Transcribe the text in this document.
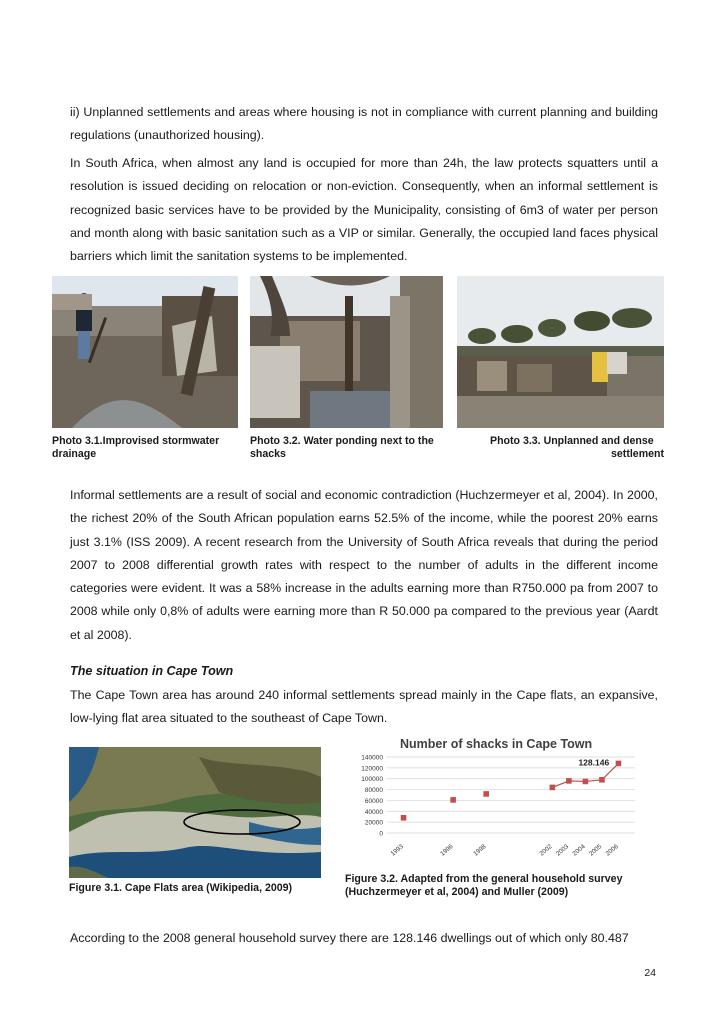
ii) Unplanned settlements and areas where housing is not in compliance with current planning and building regulations (unauthorized housing).

In South Africa, when almost any land is occupied for more than 24h, the law protects squatters until a resolution is issued deciding on relocation or non-eviction. Consequently, when an informal settlement is recognized basic services have to be provided by the Municipality, consisting of 6m3 of water per person and month along with basic sanitation such as a VIP or similar. Generally, the occupied land faces physical barriers which limit the sanitation systems to be implemented.

Photo 3.1.Improvised stormwater
drainage
Photo 3.2. Water ponding next to the
shacks
Photo 3.3. Unplanned and dense
settlement

Informal settlements are a result of social and economic contradiction (Huchzermeyer et al, 2004). In 2000, the richest 20% of the South African population earns 52.5% of the income, while the poorest 20% earns just 3.1% (ISS 2009). A recent research from the University of South Africa reveals that during the period 2007 to 2008 differential growth rates with respect to the number of adults in the different income categories were evident. It was a 58% increase in the adults earning more than R750.000 pa from 2007 to 2008 while only 0,8% of adults were earning more than R 50.000 pa compared to the previous year (Aardt et al 2008).

The situation in Cape Town

The Cape Town area has around 240 informal settlements spread mainly in the Cape flats, an expansive, low-lying flat area situated to the southeast of Cape Town.

Number of shacks in Cape Town
0
20000
40000
60000
80000
100000
120000
140000
1993	1996	1998	2002 2003 2004 2005 2006
128.146
Figure 3.1. Cape Flats area (Wikipedia, 2009)
Figure 3.2. Adapted from the general household survey
(Huchzermeyer et al, 2004) and Muller (2009)

According to the 2008 general household survey there are 128.146 dwellings out of which only 80.487

24
